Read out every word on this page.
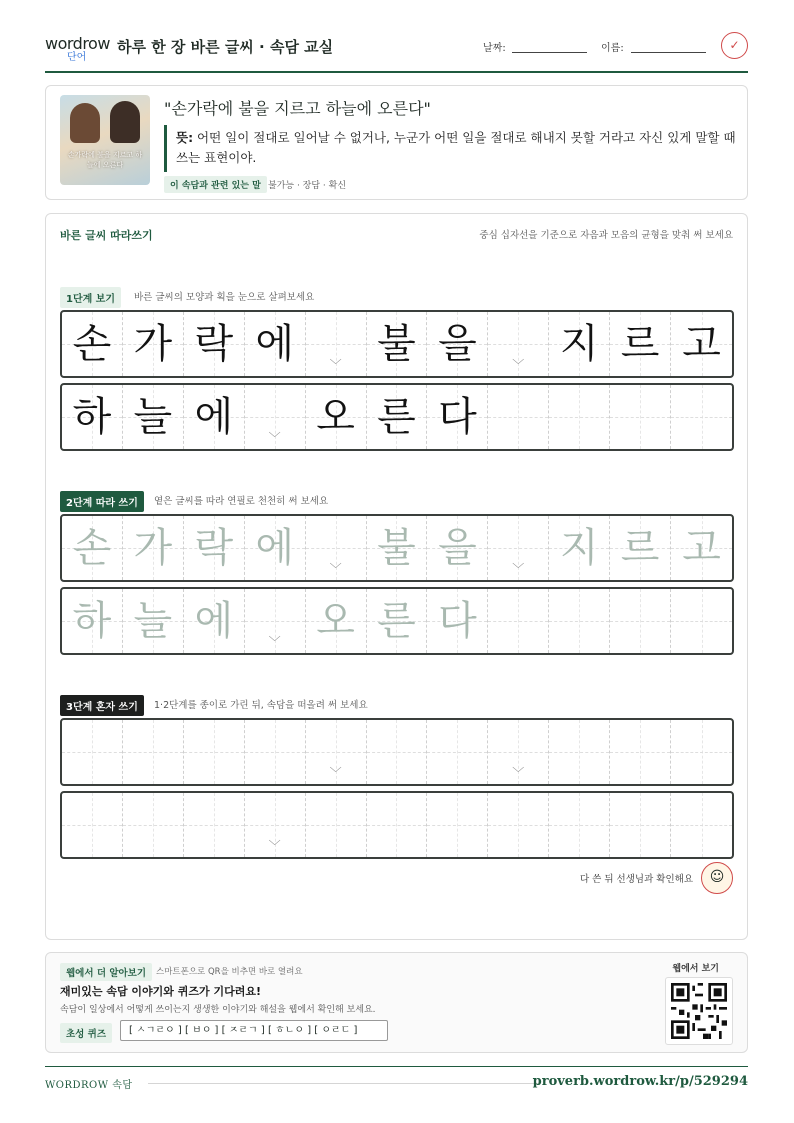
wordrow
단어
하루 한 장 바른 글씨 · 속담 교실	날짜:	이름:	✓
손가락에 불을 지르고 하늘에 오른다
"손가락에 불을 지르고 하늘에 오른다"
뜻: 어떤 일이 절대로 일어날 수 없거나, 누군가 어떤 일을 절대로 해내지 못할 거라고 자신 있게 말할 때 쓰는 표현이야.
이 속담과 관련 있는 말 불가능 · 장담 · 확신
바른 글씨 따라쓰기	중심 십자선을 기준으로 자음과 모음의 균형을 맞춰 써 보세요
1단계 보기	바른 글씨의 모양과 획을 눈으로 살펴보세요
손 가 락 에	﹀ 불 을	﹀ 지 르 고
하 늘 에	﹀ 오 른 다
2단계 따라 쓰기	옅은 글씨를 따라 연필로 천천히 써 보세요
손 가 락 에	﹀ 불 을	﹀ 지 르 고
하 늘 에	﹀ 오 른 다
3단계 혼자 쓰기	1·2단계를 종이로 가린 뒤, 속담을 떠올려 써 보세요
﹀	﹀
﹀
다 쓴 뒤 선생님과 확인해요	☺
웹에서 더 알아보기	스마트폰으로 QR을 비추면 바로 열려요
재미있는 속담 이야기와 퀴즈가 기다려요!
속담이 일상에서 어떻게 쓰이는지 생생한 이야기와 해설을 웹에서 확인해 보세요.
초성 퀴즈	[ ㅅㄱㄹㅇ ] [ ㅂㅇ ] [ ㅈㄹㄱ ] [ ㅎㄴㅇ ] [ ㅇㄹㄷ ]
웹에서 보기
WORDROW 속담	proverb.wordrow.kr/p/529294
